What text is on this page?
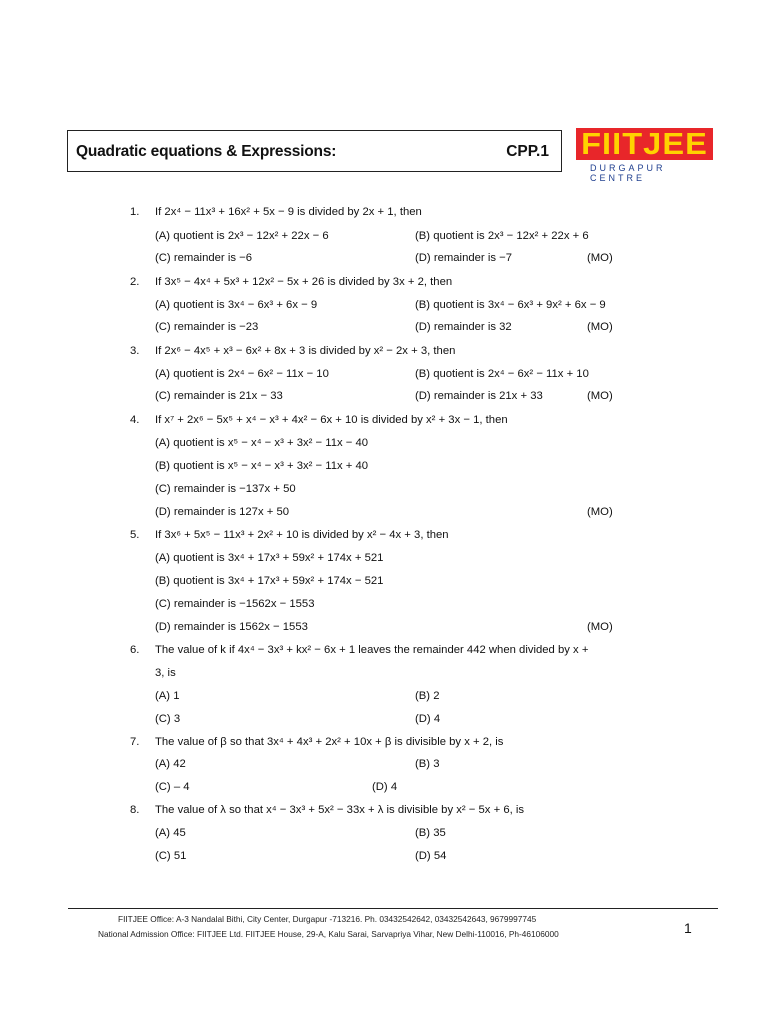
Quadratic equations & Expressions:	CPP.1 FIITJEE
DURGAPUR CENTRE
1. If 2x⁴ − 11x³ + 16x² + 5x − 9 is divided by 2x + 1, then
(A) quotient is 2x³ − 12x² + 22x − 6	(B) quotient is 2x³ − 12x² + 22x + 6
(C) remainder is −6	(D) remainder is −7	(MO)
2. If 3x⁵ − 4x⁴ + 5x³ + 12x² − 5x + 26 is divided by 3x + 2, then
(A) quotient is 3x⁴ − 6x³ + 6x − 9	(B) quotient is 3x⁴ − 6x³ + 9x² + 6x − 9
(C) remainder is −23	(D) remainder is 32	(MO)
3. If 2x⁶ − 4x⁵ + x³ − 6x² + 8x + 3 is divided by x² − 2x + 3, then
(A) quotient is 2x⁴ − 6x² − 11x − 10	(B) quotient is 2x⁴ − 6x² − 11x + 10
(C) remainder is 21x − 33	(D) remainder is 21x + 33	(MO)
4. If x⁷ + 2x⁶ − 5x⁵ + x⁴ − x³ + 4x² − 6x + 10 is divided by x² + 3x − 1, then
(A) quotient is x⁵ − x⁴ − x³ + 3x² − 11x − 40
(B) quotient is x⁵ − x⁴ − x³ + 3x² − 11x + 40
(C) remainder is −137x + 50
(D) remainder is 127x + 50	(MO)
5. If 3x⁶ + 5x⁵ − 11x³ + 2x² + 10 is divided by x² − 4x + 3, then
(A) quotient is 3x⁴ + 17x³ + 59x² + 174x + 521
(B) quotient is 3x⁴ + 17x³ + 59x² + 174x − 521
(C) remainder is −1562x − 1553
(D) remainder is 1562x − 1553	(MO)
6. The value of k if 4x⁴ − 3x³ + kx² − 6x + 1 leaves the remainder 442 when divided by x +
3, is
(A) 1	(B) 2
(C) 3	(D) 4
7. The value of β so that 3x⁴ + 4x³ + 2x² + 10x + β is divisible by x + 2, is
(A) 42	(B) 3
(C) – 4	(D) 4
8. The value of λ so that x⁴ − 3x³ + 5x² − 33x + λ is divisible by x² − 5x + 6, is
(A) 45	(B) 35
(C) 51	(D) 54
FIITJEE Office: A-3 Nandalal Bithi, City Center, Durgapur -713216. Ph. 03432542642, 03432542643, 9679997745
National Admission Office: FIITJEE Ltd. FIITJEE House, 29-A, Kalu Sarai, Sarvapriya Vihar, New Delhi-110016, Ph-46106000	1
